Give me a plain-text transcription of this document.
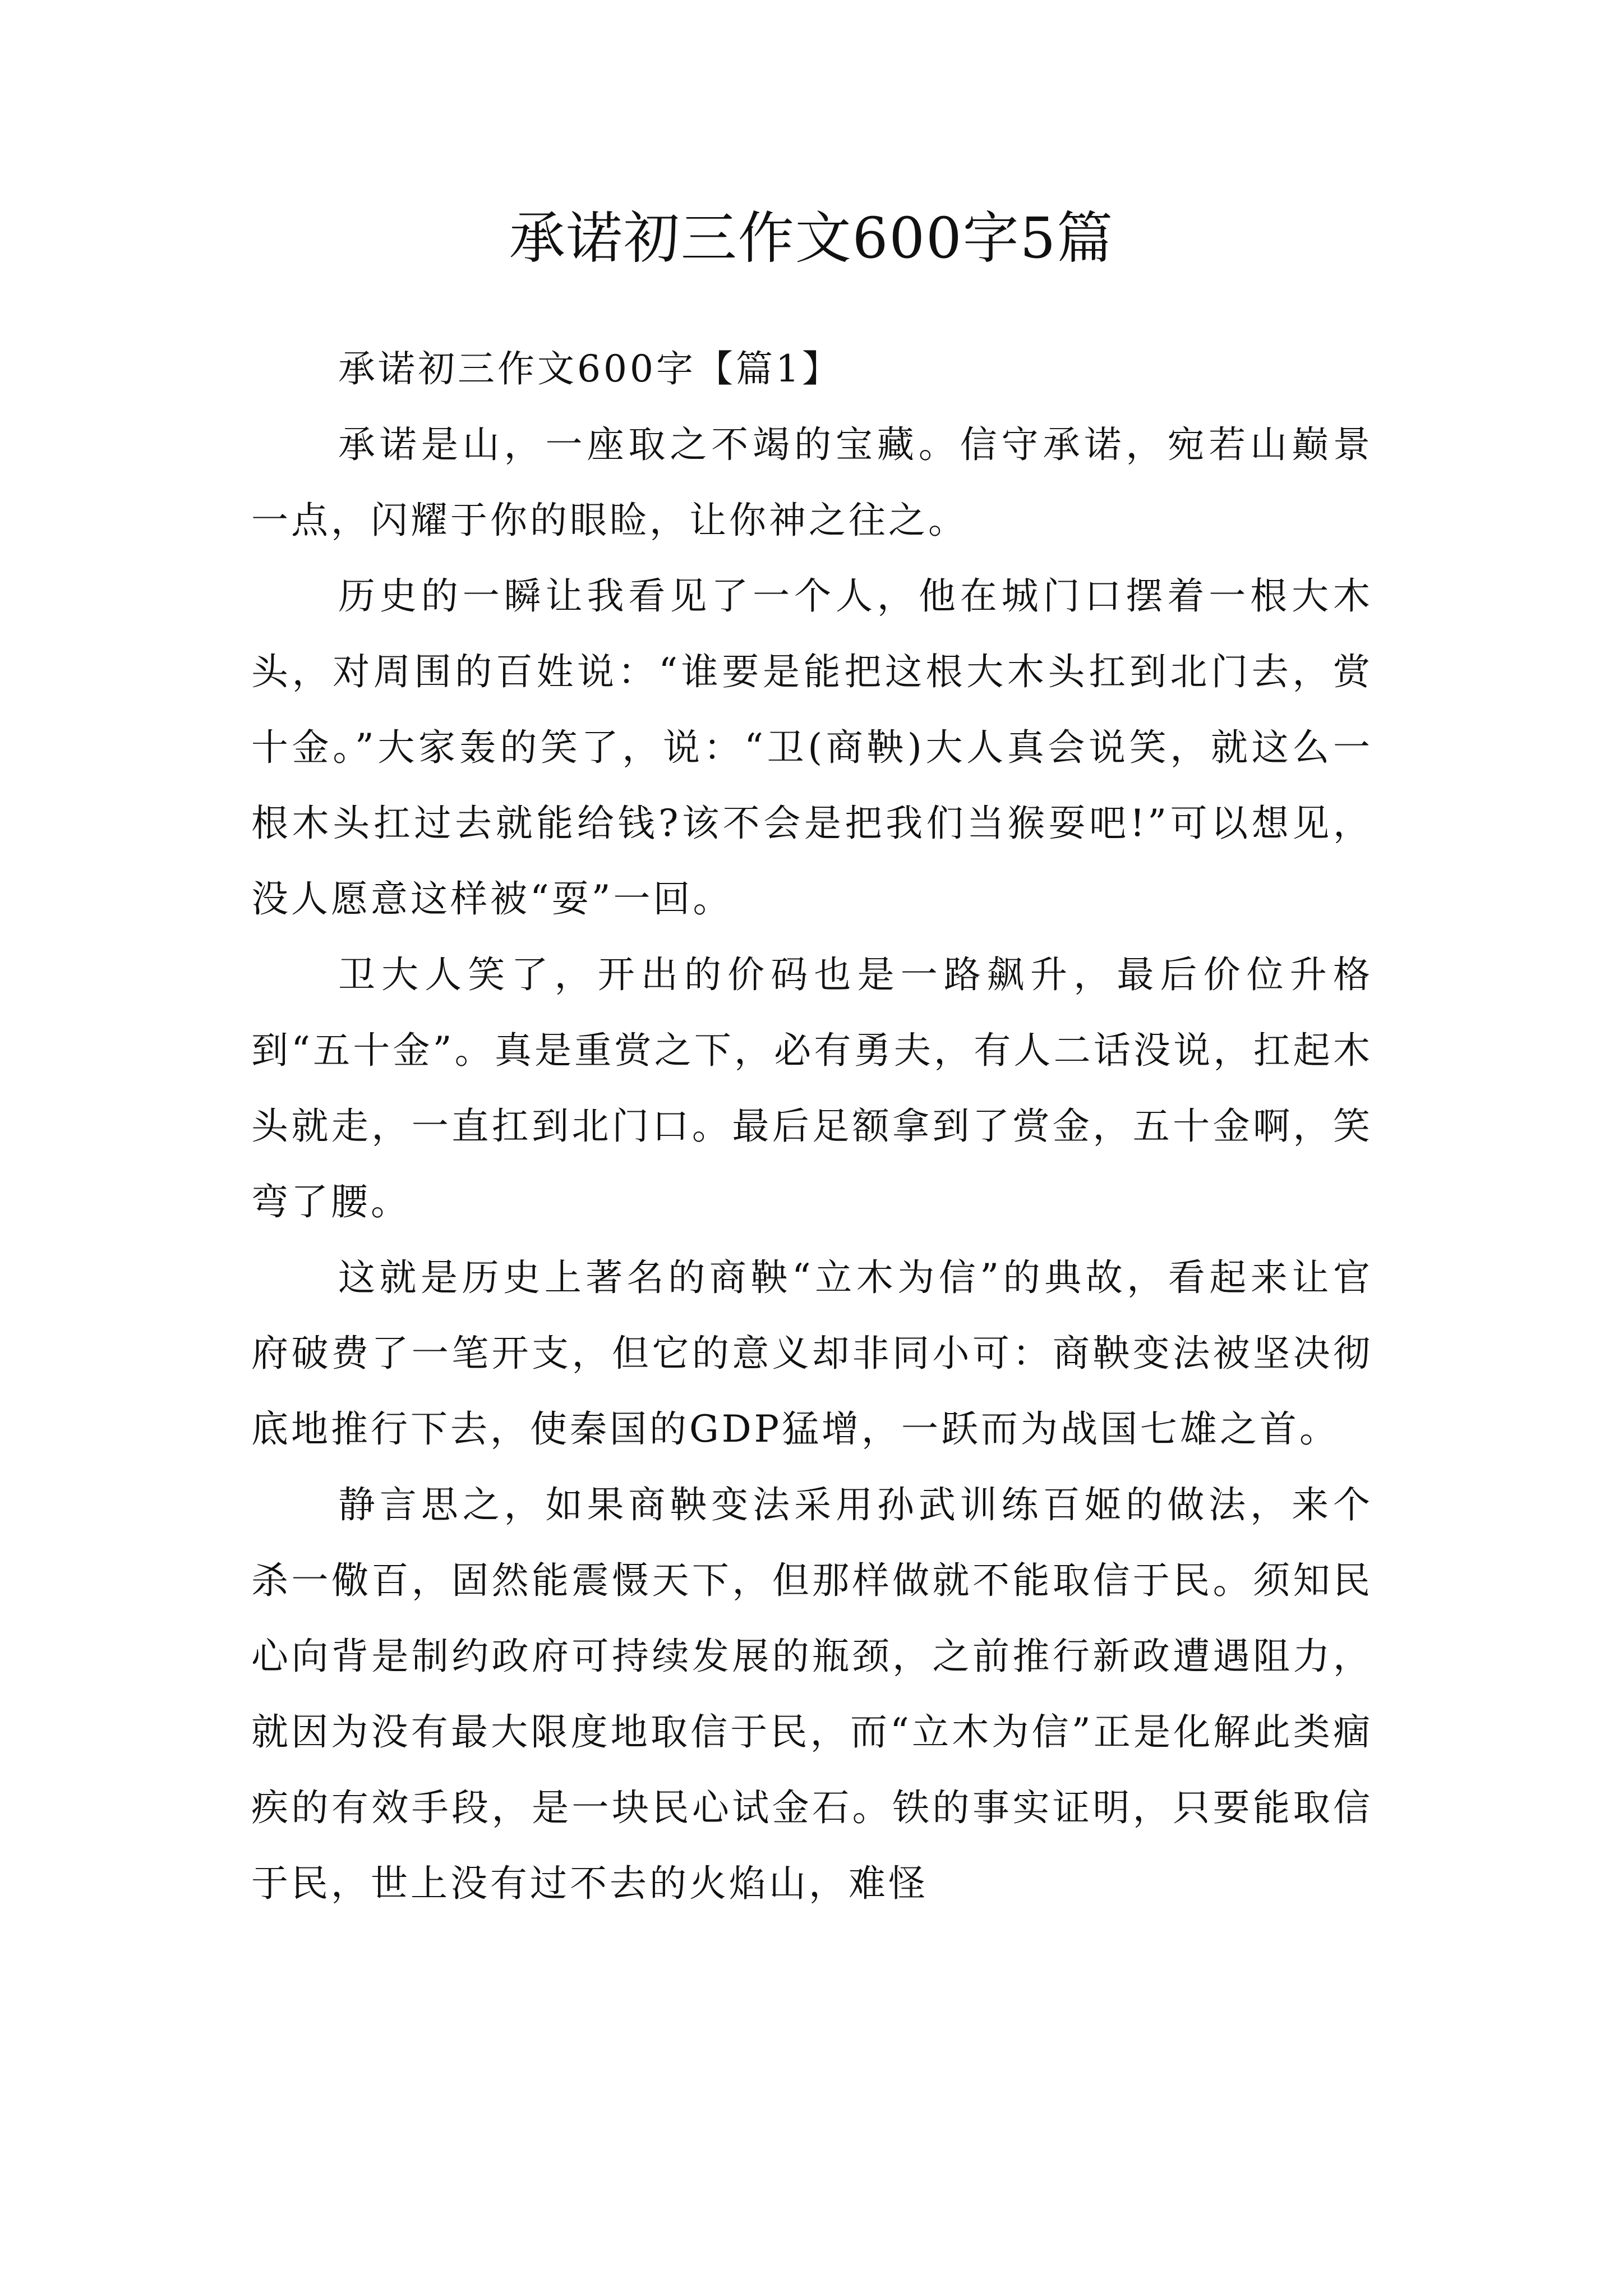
承诺初三作文600字5篇

承诺初三作文600字【篇1】

承诺是山，一座取之不竭的宝藏。信守承诺，宛若山巅景一点，闪耀于你的眼睑，让你神之往之。

历史的一瞬让我看见了一个人，他在城门口摆着一根大木头，对周围的百姓说：“谁要是能把这根大木头扛到北门去，赏十金。”大家轰的笑了，说：“卫(商鞅)大人真会说笑，就这么一根木头扛过去就能给钱?该不会是把我们当猴耍吧!”可以想见，没人愿意这样被“耍”一回。

卫大人笑了，开出的价码也是一路飙升，最后价位升格到“五十金”。真是重赏之下，必有勇夫，有人二话没说，扛起木头就走，一直扛到北门口。最后足额拿到了赏金，五十金啊，笑弯了腰。

这就是历史上著名的商鞅“立木为信”的典故，看起来让官府破费了一笔开支，但它的意义却非同小可：商鞅变法被坚决彻底地推行下去，使秦国的GDP猛增，一跃而为战国七雄之首。

静言思之，如果商鞅变法采用孙武训练百姬的做法，来个杀一儆百，固然能震慑天下，但那样做就不能取信于民。须知民心向背是制约政府可持续发展的瓶颈，之前推行新政遭遇阻力，就因为没有最大限度地取信于民，而“立木为信”正是化解此类痼疾的有效手段，是一块民心试金石。铁的事实证明，只要能取信于民，世上没有过不去的火焰山，难怪
